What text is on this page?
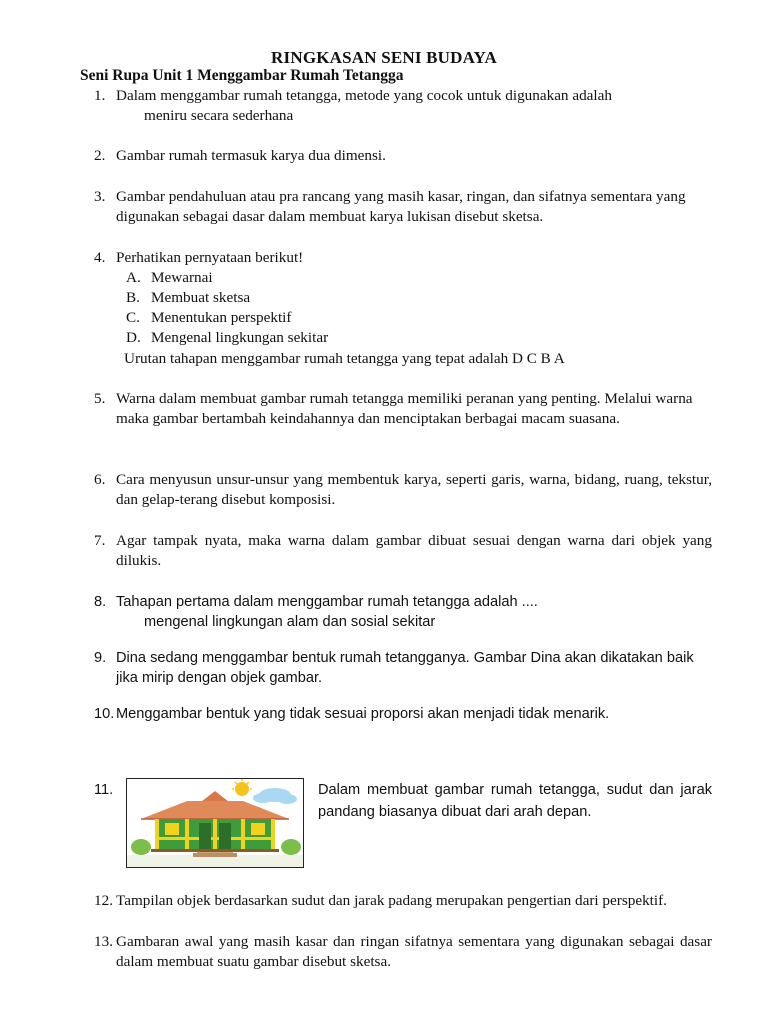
RINGKASAN SENI BUDAYA
Seni Rupa Unit 1 Menggambar Rumah Tetangga
1. Dalam menggambar rumah tetangga, metode yang cocok untuk digunakan adalah
meniru secara sederhana
2. Gambar rumah termasuk karya dua dimensi.
3. Gambar pendahuluan atau pra rancang yang masih kasar, ringan, dan sifatnya sementara yang digunakan sebagai dasar dalam membuat karya lukisan disebut sketsa.
4. Perhatikan pernyataan berikut!
A. Mewarnai
B. Membuat sketsa
C. Menentukan perspektif
D. Mengenal lingkungan sekitar
Urutan tahapan menggambar rumah tetangga yang tepat adalah D C B A
5. Warna dalam membuat gambar rumah tetangga memiliki peranan yang penting. Melalui warna maka gambar bertambah keindahannya dan menciptakan berbagai macam suasana.
6. Cara menyusun unsur-unsur yang membentuk karya, seperti garis, warna, bidang, ruang, tekstur, dan gelap-terang disebut komposisi.
7. Agar tampak nyata, maka warna dalam gambar dibuat sesuai dengan warna dari objek yang dilukis.
8. Tahapan pertama dalam menggambar rumah tetangga adalah ....
mengenal lingkungan alam dan sosial sekitar
9. Dina sedang menggambar bentuk rumah tetangganya. Gambar Dina akan dikatakan baik jika mirip dengan objek gambar.
10. Menggambar bentuk yang tidak sesuai proporsi akan menjadi tidak menarik.
11.	Dalam membuat gambar rumah tetangga, sudut dan jarak pandang biasanya dibuat dari arah depan.
12. Tampilan objek berdasarkan sudut dan jarak padang merupakan pengertian dari perspektif.
13. Gambaran awal yang masih kasar dan ringan sifatnya sementara yang digunakan sebagai dasar dalam membuat suatu gambar disebut sketsa.
